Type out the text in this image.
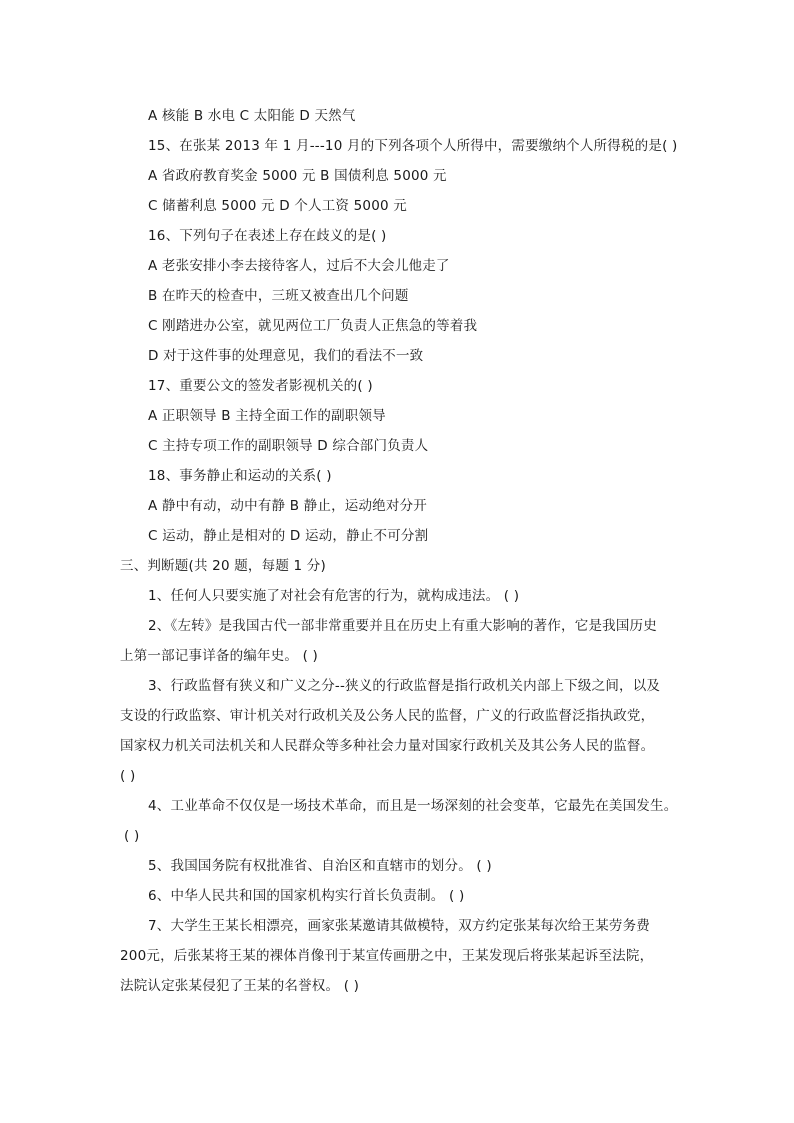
A 核能 B 水电 C 太阳能 D 天然气
15、在张某 2013 年 1 月---10 月的下列各项个人所得中，需要缴纳个人所得税的是( )
A 省政府教育奖金 5000 元 B 国债利息 5000 元
C 储蓄利息 5000 元 D 个人工资 5000 元
16、下列句子在表述上存在歧义的是( )
A 老张安排小李去接待客人，过后不大会儿他走了
B 在昨天的检查中，三班又被查出几个问题
C 刚踏进办公室，就见两位工厂负责人正焦急的等着我
D 对于这件事的处理意见，我们的看法不一致
17、重要公文的签发者影视机关的( )
A 正职领导 B 主持全面工作的副职领导
C 主持专项工作的副职领导 D 综合部门负责人
18、事务静止和运动的关系( )
A 静中有动，动中有静 B 静止，运动绝对分开
C 运动，静止是相对的 D 运动，静止不可分割
三、判断题(共 20 题，每题 1 分)
1、任何人只要实施了对社会有危害的行为，就构成违法。 ( )
2、《左转》是我国古代一部非常重要并且在历史上有重大影响的著作，它是我国历史
上第一部记事详备的编年史。 ( )
3、行政监督有狭义和广义之分--狭义的行政监督是指行政机关内部上下级之间，以及
支设的行政监察、审计机关对行政机关及公务人民的监督，广义的行政监督泛指执政党，
国家权力机关司法机关和人民群众等多种社会力量对国家行政机关及其公务人民的监督。
( )
4、工业革命不仅仅是一场技术革命，而且是一场深刻的社会变革，它最先在美国发生。
( )
5、我国国务院有权批准省、自治区和直辖市的划分。 ( )
6、中华人民共和国的国家机构实行首长负责制。 ( )
7、大学生王某长相漂亮，画家张某邀请其做模特，双方约定张某每次给王某劳务费
200元，后张某将王某的裸体肖像刊于某宣传画册之中，王某发现后将张某起诉至法院，
法院认定张某侵犯了王某的名誉权。 ( )
